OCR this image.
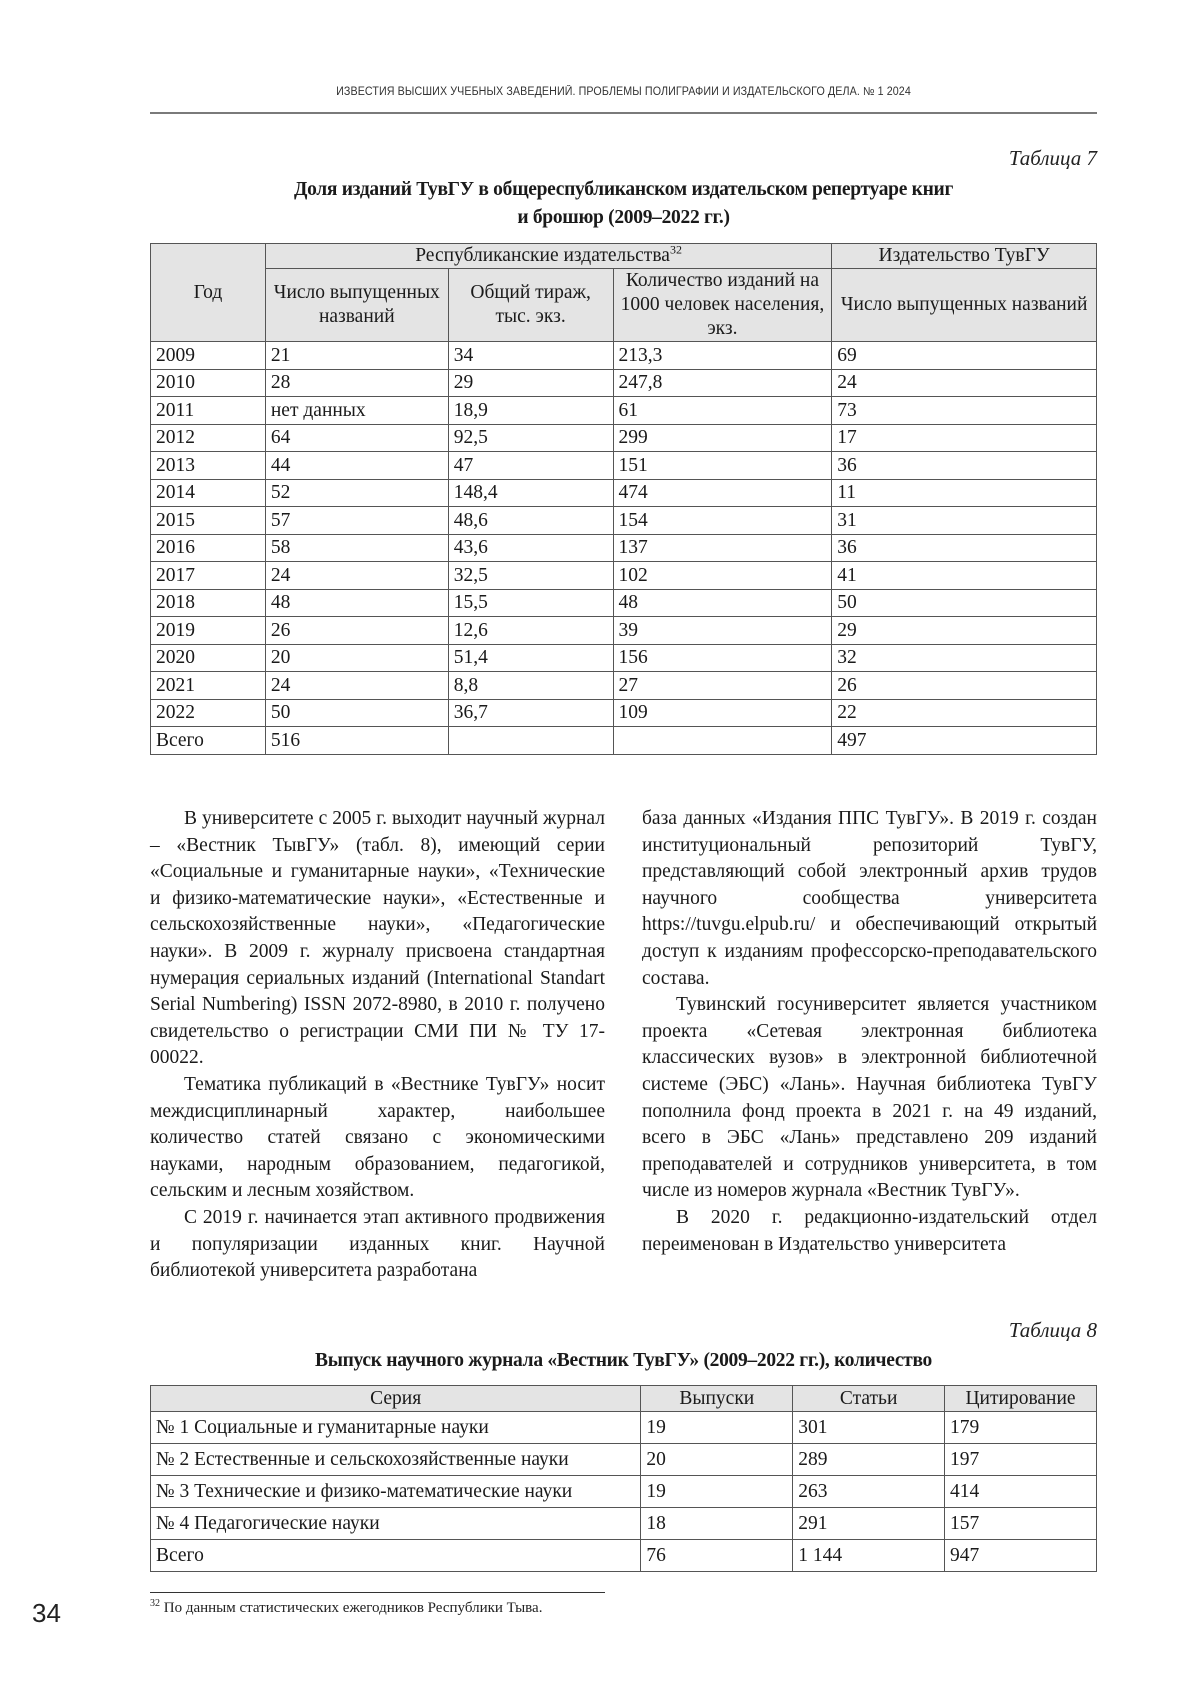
ИЗВЕСТИЯ ВЫСШИХ УЧЕБНЫХ ЗАВЕДЕНИЙ. ПРОБЛЕМЫ ПОЛИГРАФИИ И ИЗДАТЕЛЬСКОГО ДЕЛА. № 1 2024
Таблица 7
Доля изданий ТувГУ в общереспубликанском издательском репертуаре книг
и брошюр (2009–2022 гг.)
Год	Республиканские издательства$^{32}$			Издательство ТувГУ
	Число выпущенных названий	Общий тираж, тыс. экз.	Количество изданий на 1000 человек населения, экз.	Число выпущенных названий
2009	21	34	213,3	69
2010	28	29	247,8	24
2011	нет данных	18,9	61	73
2012	64	92,5	299	17
2013	44	47	151	36
2014	52	148,4	474	11
2015	57	48,6	154	31
2016	58	43,6	137	36
2017	24	32,5	102	41
2018	48	15,5	48	50
2019	26	12,6	39	29
2020	20	51,4	156	32
2021	24	8,8	27	26
2022	50	36,7	109	22
Всего	516			497

В университете с 2005 г. выходит научный журнал – «Вестник ТывГУ» (табл. 8), имеющий серии «Социальные и гуманитарные науки», «Технические и физико-математические науки», «Естественные и сельскохозяйственные науки», «Педагогические науки». В 2009 г. журналу присвоена стандартная нумерация сериальных изданий (International Standart Serial Numbering) ISSN 2072-8980, в 2010 г. получено свидетельство о регистрации СМИ ПИ № ТУ 17-00022.

Тематика публикаций в «Вестнике ТувГУ» носит междисциплинарный характер, наибольшее количество статей связано с экономическими науками, народным образованием, педагогикой, сельским и лесным хозяйством.

С 2019 г. начинается этап активного продвижения и популяризации изданных книг. Научной библиотекой университета разработана

база данных «Издания ППС ТувГУ». В 2019 г. создан институциональный репозиторий ТувГУ, представляющий собой электронный архив трудов научного сообщества университета https://tuvgu.elpub.ru/ и обеспечивающий открытый доступ к изданиям профессорско-преподавательского состава.

Тувинский госуниверситет является участником проекта «Сетевая электронная библиотека классических вузов» в электронной библиотечной системе (ЭБС) «Лань». Научная библиотека ТувГУ пополнила фонд проекта в 2021 г. на 49 изданий, всего в ЭБС «Лань» представлено 209 изданий преподавателей и сотрудников университета, в том числе из номеров журнала «Вестник ТувГУ».

В 2020 г. редакционно-издательский отдел переименован в Издательство университета

Таблица 8
Выпуск научного журнала «Вестник ТувГУ» (2009–2022 гг.), количество
Серия	Выпуски	Статьи	Цитирование
№ 1 Социальные и гуманитарные науки	19	301	179
№ 2 Естественные и сельскохозяйственные науки	20	289	197
№ 3 Технические и физико-математические науки	19	263	414
№ 4 Педагогические науки	18	291	157
Всего	76	1 144	947
$^{32}$ По данным статистических ежегодников Республики Тыва.
34
